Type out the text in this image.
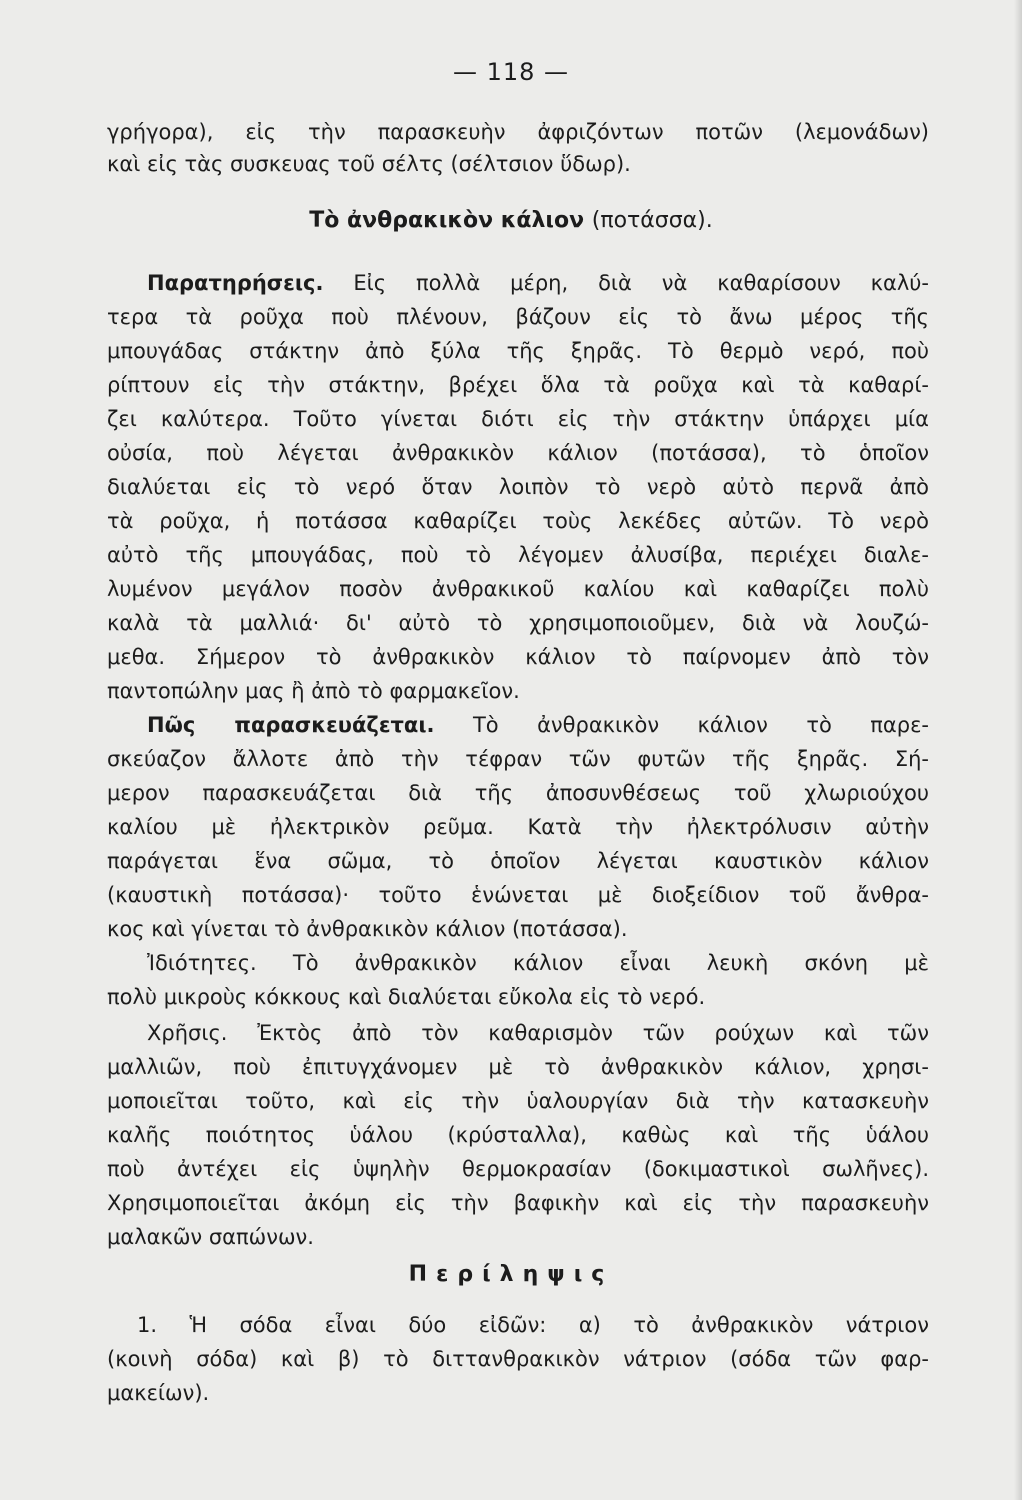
— 118 —
γρήγορα), εἰς τὴν παρασκευὴν ἀφριζόντων ποτῶν (λεμονάδων)
καὶ εἰς τὰς συσκευας τοῦ σέλτς (σέλτσιον ὕδωρ).
Τὸ ἀνθρακικὸν κάλιον (ποτάσσα).
Παρατηρήσεις. Εἰς πολλὰ μέρη, διὰ νὰ καθαρίσουν καλύ-
τερα τὰ ροῦχα ποὺ πλένουν, βάζουν εἰς τὸ ἄνω μέρος τῆς
μπουγάδας στάκτην ἀπὸ ξύλα τῆς ξηρᾶς. Τὸ θερμὸ νερό, ποὺ
ρίπτουν εἰς τὴν στάκτην, βρέχει ὅλα τὰ ροῦχα καὶ τὰ καθαρί-
ζει καλύτερα. Τοῦτο γίνεται διότι εἰς τὴν στάκτην ὑπάρχει μία
οὐσία, ποὺ λέγεται ἀνθρακικὸν κάλιον (ποτάσσα), τὸ ὁποῖον
διαλύεται εἰς τὸ νερό ὅταν λοιπὸν τὸ νερὸ αὐτὸ περνᾶ ἀπὸ
τὰ ροῦχα, ἡ ποτάσσα καθαρίζει τοὺς λεκέδες αὐτῶν. Τὸ νερὸ
αὐτὸ τῆς μπουγάδας, ποὺ τὸ λέγομεν ἀλυσίβα, περιέχει διαλε-
λυμένον μεγάλον ποσὸν ἀνθρακικοῦ καλίου καὶ καθαρίζει πολὺ
καλὰ τὰ μαλλιά· δι' αὐτὸ τὸ χρησιμοποιοῦμεν, διὰ νὰ λουζώ-
μεθα. Σήμερον τὸ ἀνθρακικὸν κάλιον τὸ παίρνομεν ἀπὸ τὸν
παντοπώλην μας ἢ ἀπὸ τὸ φαρμακεῖον.
Πῶς παρασκευάζεται. Τὸ ἀνθρακικὸν κάλιον τὸ παρε-
σκεύαζον ἄλλοτε ἀπὸ τὴν τέφραν τῶν φυτῶν τῆς ξηρᾶς. Σή-
μερον παρασκευάζεται διὰ τῆς ἀποσυνθέσεως τοῦ χλωριούχου
καλίου μὲ ἠλεκτρικὸν ρεῦμα. Κατὰ τὴν ἠλεκτρόλυσιν αὐτὴν
παράγεται ἕνα σῶμα, τὸ ὁποῖον λέγεται καυστικὸν κάλιον
(καυστικὴ ποτάσσα)· τοῦτο ἑνώνεται μὲ διοξείδιον τοῦ ἄνθρα-
κος καὶ γίνεται τὸ ἀνθρακικὸν κάλιον (ποτάσσα).
Ἰδιότητες. Τὸ ἀνθρακικὸν κάλιον εἶναι λευκὴ σκόνη μὲ
πολὺ μικροὺς κόκκους καὶ διαλύεται εὔκολα εἰς τὸ νερό.
Χρῆσις. Ἐκτὸς ἀπὸ τὸν καθαρισμὸν τῶν ρούχων καὶ τῶν
μαλλιῶν, ποὺ ἐπιτυγχάνομεν μὲ τὸ ἀνθρακικὸν κάλιον, χρησι-
μοποιεῖται τοῦτο, καὶ εἰς τὴν ὑαλουργίαν διὰ τὴν κατασκευὴν
καλῆς ποιότητος ὑάλου (κρύσταλλα), καθὼς καὶ τῆς ὑάλου
ποὺ ἀντέχει εἰς ὑψηλὴν θερμοκρασίαν (δοκιμαστικοὶ σωλῆνες).
Χρησιμοποιεῖται ἀκόμη εἰς τὴν βαφικὴν καὶ εἰς τὴν παρασκευὴν
μαλακῶν σαπώνων.
Περίληψις
1. Ἡ σόδα εἶναι δύο εἰδῶν: α) τὸ ἀνθρακικὸν νάτριον
(κοινὴ σόδα) καὶ β) τὸ διττανθρακικὸν νάτριον (σόδα τῶν φαρ-
μακείων).
